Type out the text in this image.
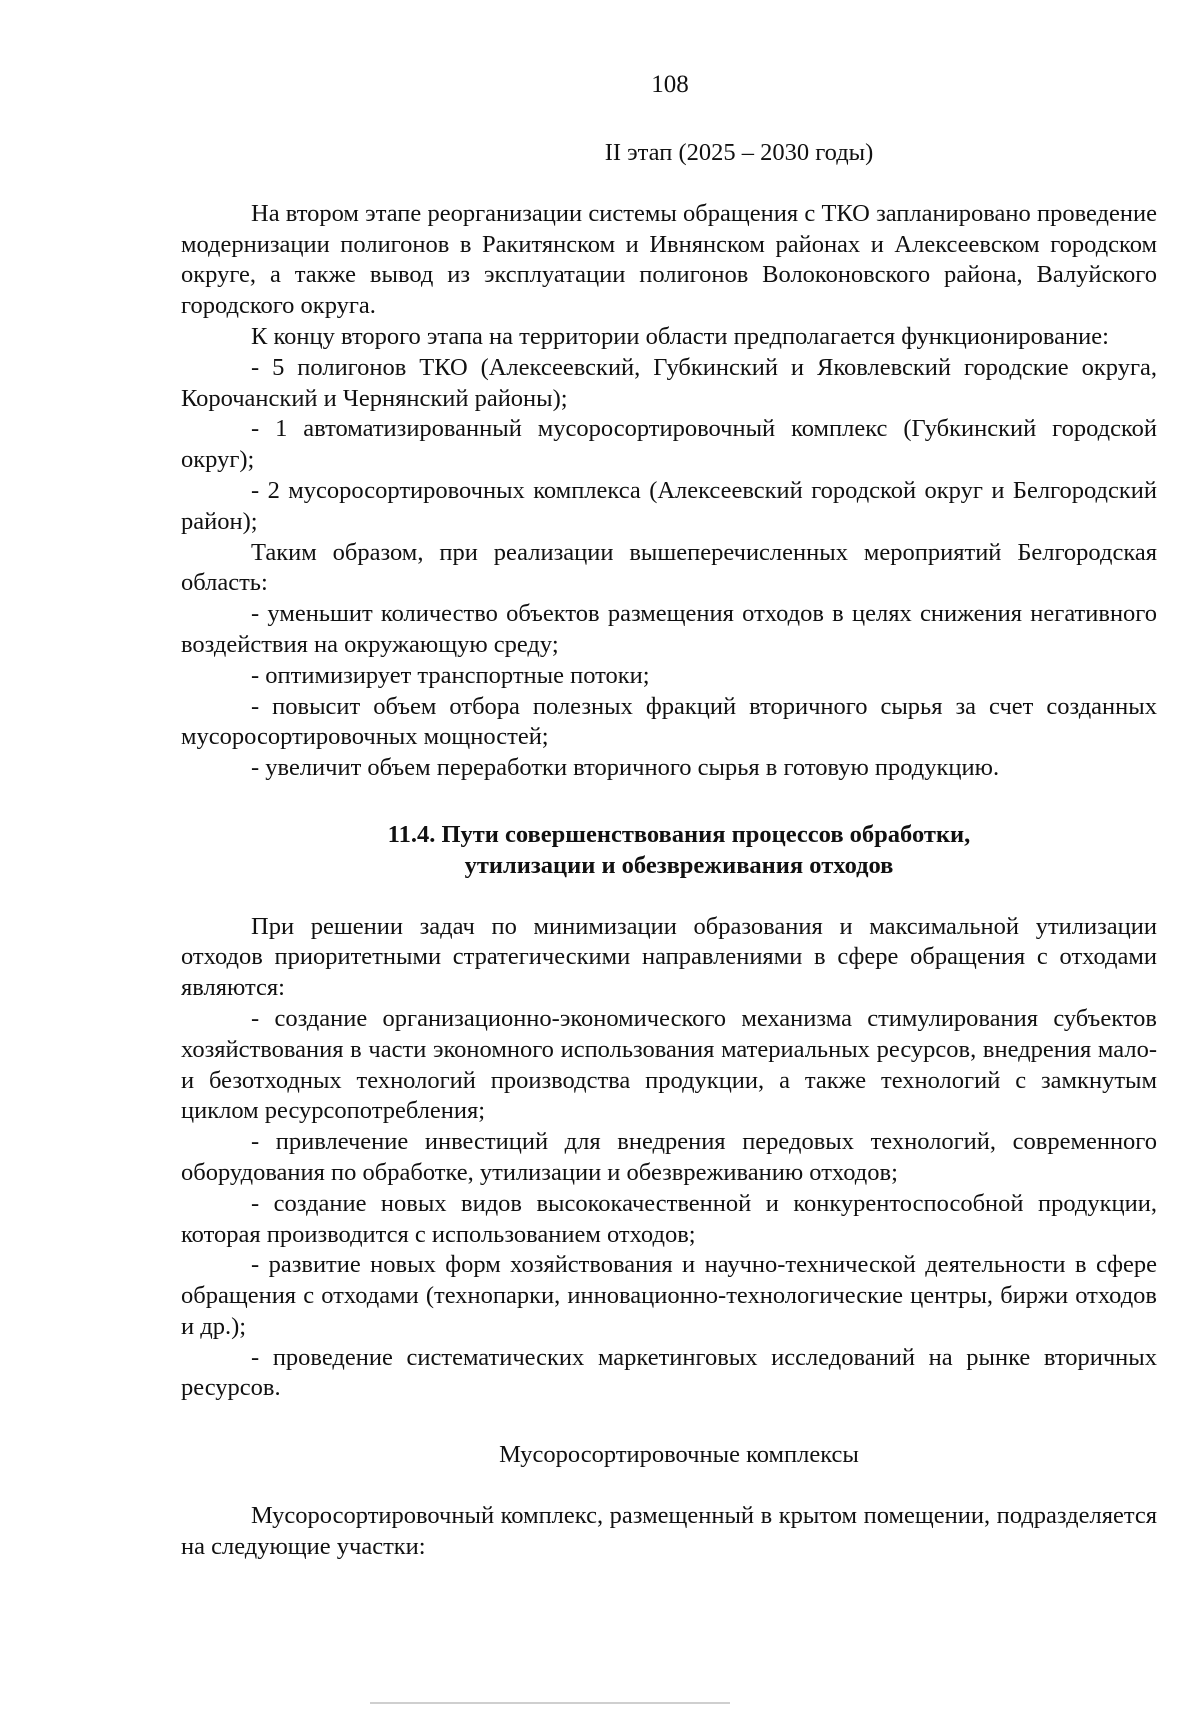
108

II этап (2025 – 2030 годы)

На втором этапе реорганизации системы обращения с ТКО запланировано проведение модернизации полигонов в Ракитянском и Ивнянском районах и Алексеевском городском округе, а также вывод из эксплуатации полигонов Волоконовского района, Валуйского городского округа.

К концу второго этапа на территории области предполагается функционирование:

- 5 полигонов ТКО (Алексеевский, Губкинский и Яковлевский городские округа, Корочанский и Чернянский районы);

- 1 автоматизированный мусоросортировочный комплекс (Губкинский городской округ);

- 2 мусоросортировочных комплекса (Алексеевский городской округ и Белгородский район);

Таким образом, при реализации вышеперечисленных мероприятий Белгородская область:

- уменьшит количество объектов размещения отходов в целях снижения негативного воздействия на окружающую среду;

- оптимизирует транспортные потоки;

- повысит объем отбора полезных фракций вторичного сырья за счет созданных мусоросортировочных мощностей;

- увеличит объем переработки вторичного сырья в готовую продукцию.

11.4. Пути совершенствования процессов обработки,
утилизации и обезвреживания отходов

При решении задач по минимизации образования и максимальной утилизации отходов приоритетными стратегическими направлениями в сфере обращения с отходами являются:

- создание организационно-экономического механизма стимулирования субъектов хозяйствования в части экономного использования материальных ресурсов, внедрения мало- и безотходных технологий производства продукции, а также технологий с замкнутым циклом ресурсопотребления;

- привлечение инвестиций для внедрения передовых технологий, современного оборудования по обработке, утилизации и обезвреживанию отходов;

- создание новых видов высококачественной и конкурентоспособной продукции, которая производится с использованием отходов;

- развитие новых форм хозяйствования и научно-технической деятельности в сфере обращения с отходами (технопарки, инновационно-технологические центры, биржи отходов и др.);

- проведение систематических маркетинговых исследований на рынке вторичных ресурсов.

Мусоросортировочные комплексы

Мусоросортировочный комплекс, размещенный в крытом помещении, подразделяется на следующие участки:
